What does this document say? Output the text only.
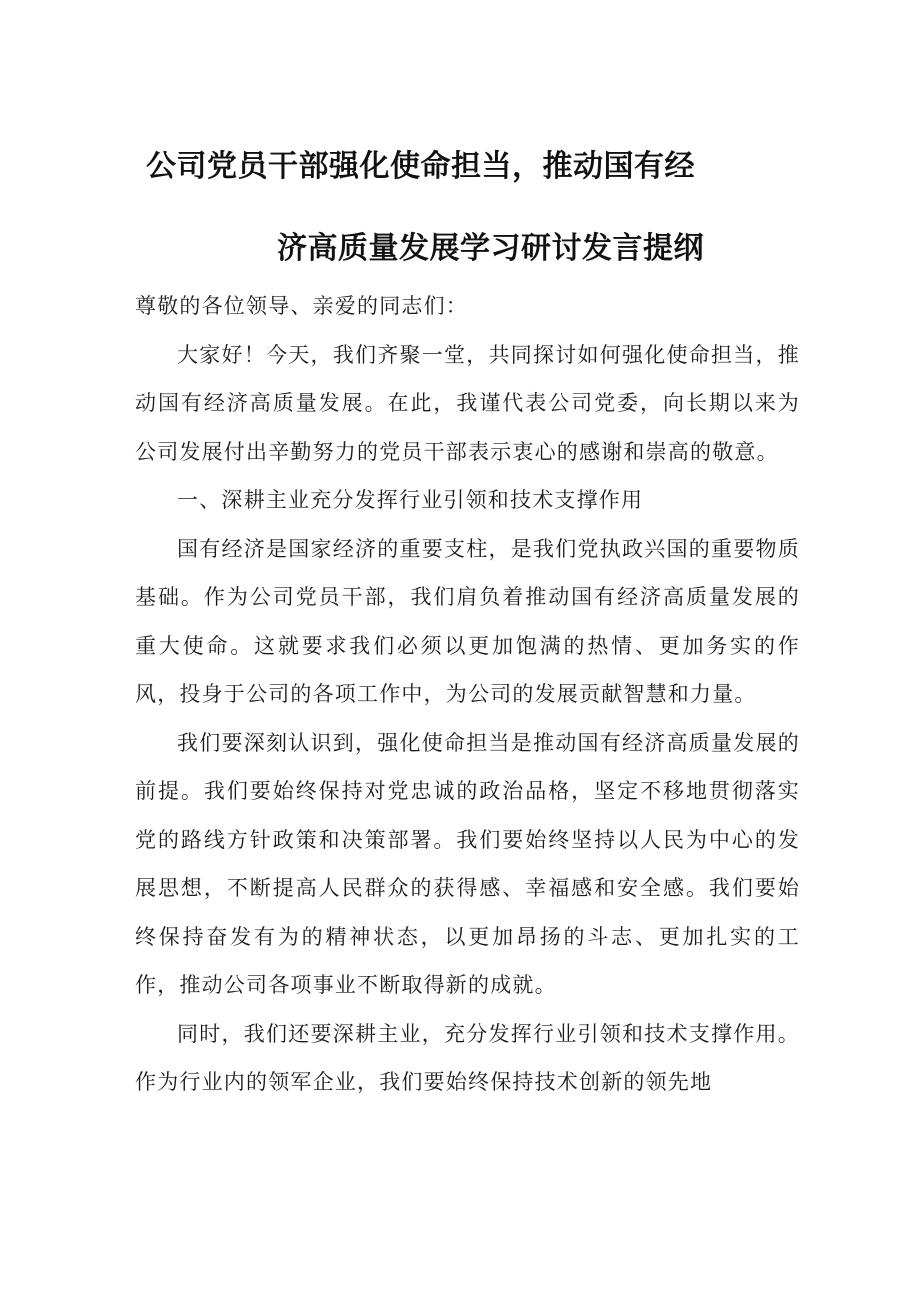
公司党员干部强化使命担当，推动国有经
济高质量发展学习研讨发言提纲

尊敬的各位领导、亲爱的同志们：

大家好！今天，我们齐聚一堂，共同探讨如何强化使命担当，推动国有经济高质量发展。在此，我谨代表公司党委，向长期以来为公司发展付出辛勤努力的党员干部表示衷心的感谢和崇高的敬意。

一、深耕主业充分发挥行业引领和技术支撑作用

国有经济是国家经济的重要支柱，是我们党执政兴国的重要物质基础。作为公司党员干部，我们肩负着推动国有经济高质量发展的重大使命。这就要求我们必须以更加饱满的热情、更加务实的作风，投身于公司的各项工作中，为公司的发展贡献智慧和力量。

我们要深刻认识到，强化使命担当是推动国有经济高质量发展的前提。我们要始终保持对党忠诚的政治品格，坚定不移地贯彻落实党的路线方针政策和决策部署。我们要始终坚持以人民为中心的发展思想，不断提高人民群众的获得感、幸福感和安全感。我们要始终保持奋发有为的精神状态，以更加昂扬的斗志、更加扎实的工作，推动公司各项事业不断取得新的成就。

同时，我们还要深耕主业，充分发挥行业引领和技术支撑作用。作为行业内的领军企业，我们要始终保持技术创新的领先地
